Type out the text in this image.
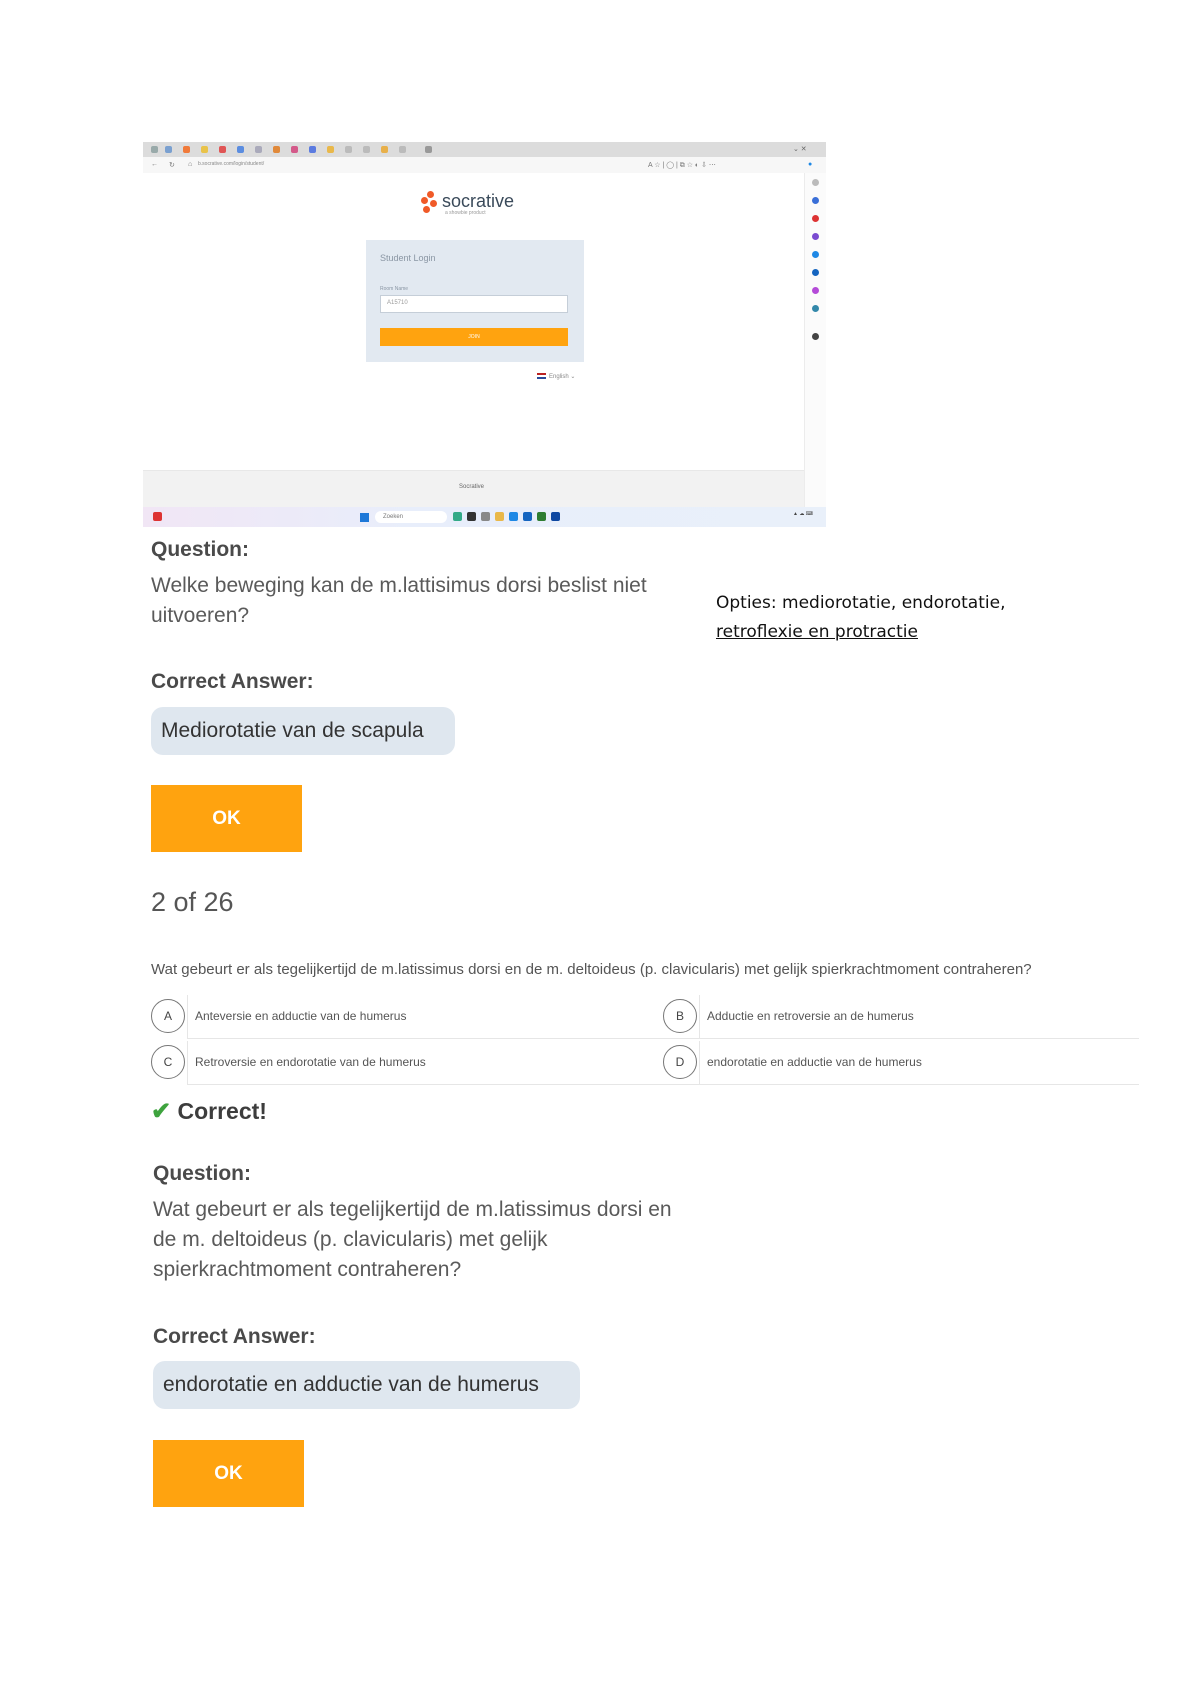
⌄ ✕
← ↻ ⌂ b.socrative.com/login/student/	A ☆ | ◯ | ⧉ ☆ ◐ ⇩ ⋯	●
socrative
a showbie product
Student Login
Room Name
A15710
JOIN
English ⌄
Socrative
Zoeken	▲ ☁ ⌨

Question:
Welke beweging kan de m.lattisimus dorsi beslist niet
uitvoeren?
Opties: mediorotatie, endorotatie,
retroflexie en protractie
Correct Answer:
Mediorotatie van de scapula
OK
2 of 26
Wat gebeurt er als tegelijkertijd de m.latissimus dorsi en de m. deltoideus (p. clavicularis) met gelijk spierkrachtmoment contraheren?
A	Anteversie en adductie van de humerus	B	Adductie en retroversie an de humerus
C	Retroversie en endorotatie van de humerus	D	endorotatie en adductie van de humerus
✔ Correct!
Question:
Wat gebeurt er als tegelijkertijd de m.latissimus dorsi en
de m. deltoideus (p. clavicularis) met gelijk
spierkrachtmoment contraheren?
Correct Answer:
endorotatie en adductie van de humerus
OK
